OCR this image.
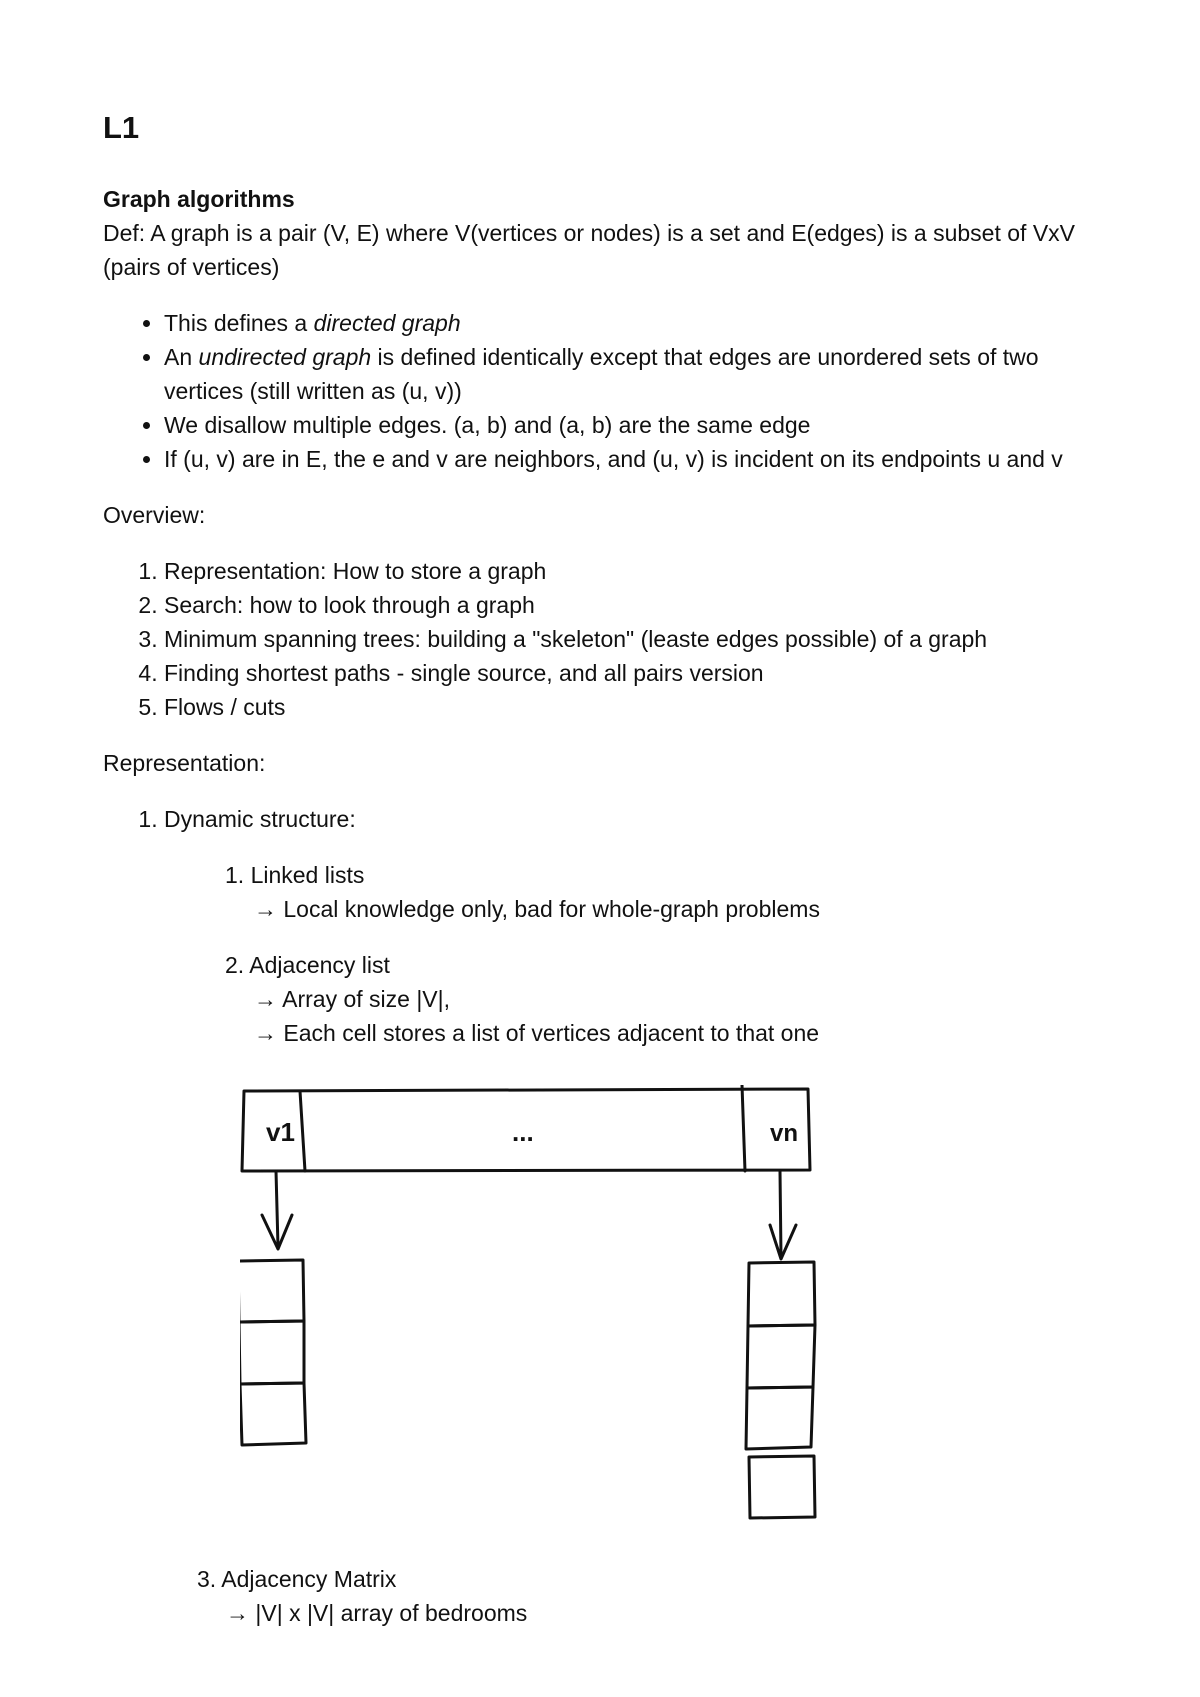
L1

Graph algorithms

Def: A graph is a pair (V, E) where V(vertices or nodes) is a set and E(edges) is a subset of VxV (pairs of vertices)

• This defines a directed graph
• An undirected graph is defined identically except that edges are unordered sets of two vertices (still written as (u, v))
• We disallow multiple edges. (a, b) and (a, b) are the same edge
• If (u, v) are in E, the e and v are neighbors, and (u, v) is incident on its endpoints u and v

Overview:

1. Representation: How to store a graph
2. Search: how to look through a graph
3. Minimum spanning trees: building a "skeleton" (leaste edges possible) of a graph
4. Finding shortest paths - single source, and all pairs version
5. Flows / cuts

Representation:

1. Dynamic structure:
1. Linked lists
→ Local knowledge only, bad for whole-graph problems
2. Adjacency list
→ Array of size |V|,
→ Each cell stores a list of vertices adjacent to that one
v1	...	vn
3. Adjacency Matrix
→ |V| x |V| array of bedrooms
